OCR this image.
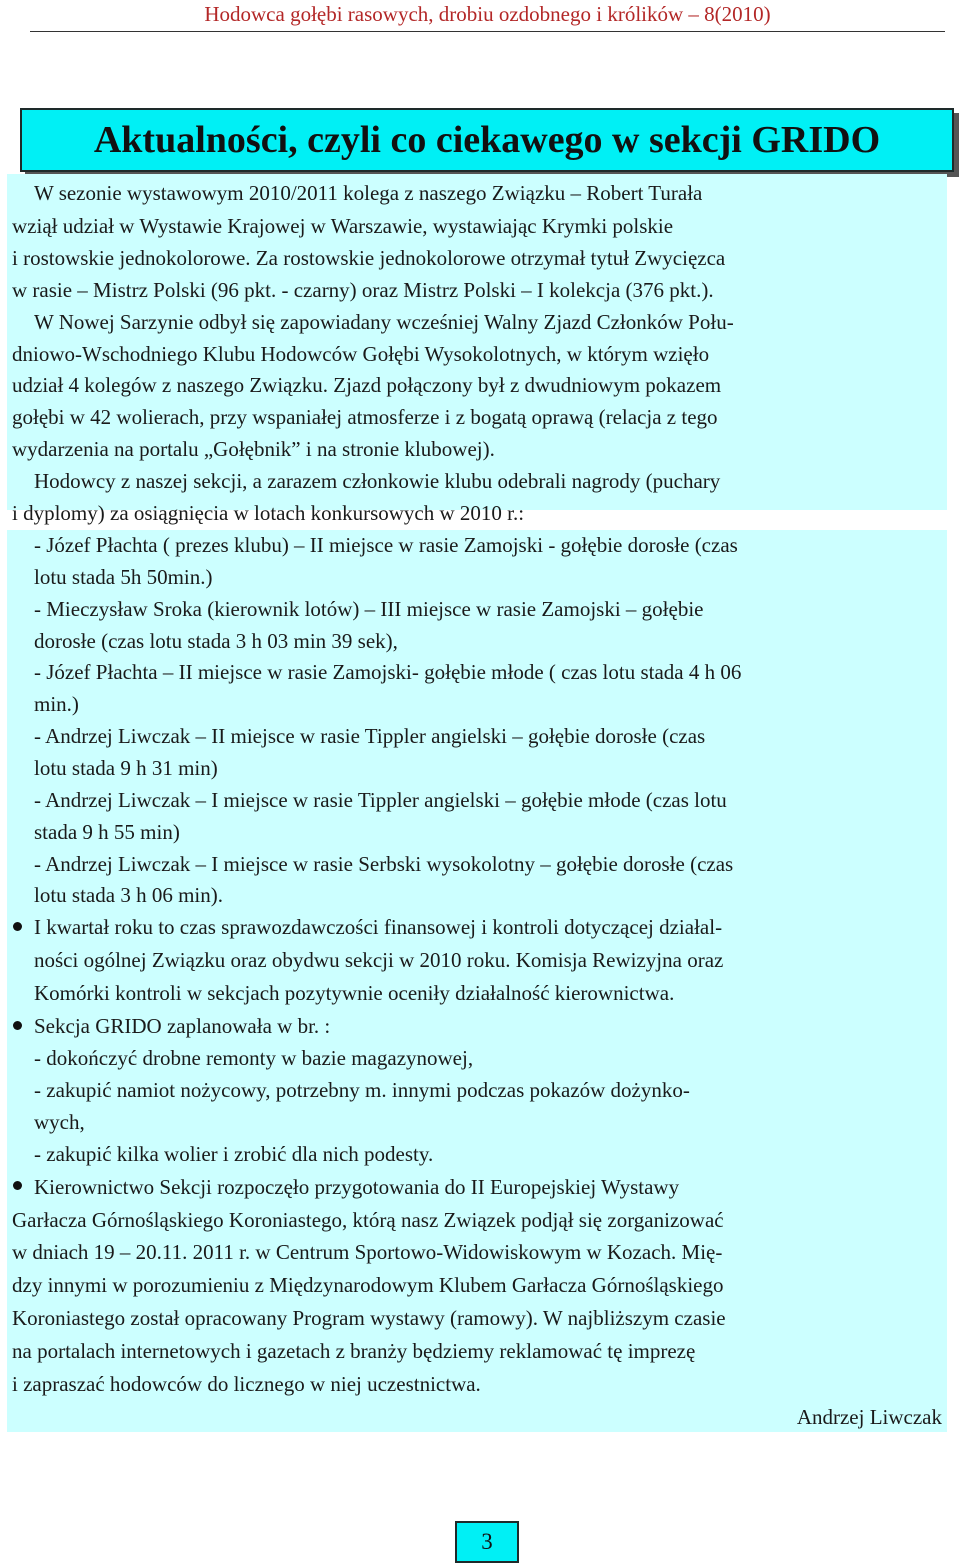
Hodowca gołębi rasowych, drobiu ozdobnego i królików – 8(2010)
Aktualności, czyli co ciekawego w sekcji GRIDO
W sezonie wystawowym 2010/2011 kolega z naszego Związku – Robert Turała
wziął udział w Wystawie Krajowej w Warszawie, wystawiając Krymki polskie
i rostowskie jednokolorowe. Za rostowskie jednokolorowe otrzymał tytuł Zwycięzca
w rasie – Mistrz Polski (96 pkt. - czarny) oraz Mistrz Polski – I kolekcja (376 pkt.).
W Nowej Sarzynie odbył się zapowiadany wcześniej Walny Zjazd Członków Połu-
dniowo-Wschodniego Klubu Hodowców Gołębi Wysokolotnych, w którym wzięło
udział 4 kolegów z naszego Związku. Zjazd połączony był z dwudniowym pokazem
gołębi w 42 wolierach, przy wspaniałej atmosferze i z bogatą oprawą (relacja z tego
wydarzenia na portalu „Gołębnik” i na stronie klubowej).
Hodowcy z naszej sekcji, a zarazem członkowie klubu odebrali nagrody (puchary
i dyplomy) za osiągnięcia w lotach konkursowych w 2010 r.:
- Józef Płachta ( prezes klubu) – II miejsce w rasie Zamojski - gołębie dorosłe (czas
lotu stada 5h 50min.)
- Mieczysław Sroka (kierownik lotów) – III miejsce w rasie Zamojski – gołębie
dorosłe (czas lotu stada 3 h 03 min 39 sek),
- Józef Płachta – II miejsce w rasie Zamojski- gołębie młode ( czas lotu stada 4 h 06
min.)
- Andrzej Liwczak – II miejsce w rasie Tippler angielski – gołębie dorosłe (czas
lotu stada 9 h 31 min)
- Andrzej Liwczak – I miejsce w rasie Tippler angielski – gołębie młode (czas lotu
stada 9 h 55 min)
- Andrzej Liwczak – I miejsce w rasie Serbski wysokolotny – gołębie dorosłe (czas
lotu stada 3 h 06 min).
I kwartał roku to czas sprawozdawczości finansowej i kontroli dotyczącej działal-
ności ogólnej Związku oraz obydwu sekcji w 2010 roku. Komisja Rewizyjna oraz
Komórki kontroli w sekcjach pozytywnie oceniły działalność kierownictwa.
Sekcja GRIDO zaplanowała w br. :
- dokończyć drobne remonty w bazie magazynowej,
- zakupić namiot nożycowy, potrzebny m. innymi podczas pokazów dożynko-
wych,
- zakupić kilka wolier i zrobić dla nich podesty.
Kierownictwo Sekcji rozpoczęło przygotowania do II Europejskiej Wystawy
Garłacza Górnośląskiego Koroniastego, którą nasz Związek podjął się zorganizować
w dniach 19 – 20.11. 2011 r. w Centrum Sportowo-Widowiskowym w Kozach. Mię-
dzy innymi w porozumieniu z Międzynarodowym Klubem Garłacza Górnośląskiego
Koroniastego został opracowany Program wystawy (ramowy). W najbliższym czasie
na portalach internetowych i gazetach z branży będziemy reklamować tę imprezę
i zapraszać hodowców do licznego w niej uczestnictwa.
Andrzej Liwczak
3
